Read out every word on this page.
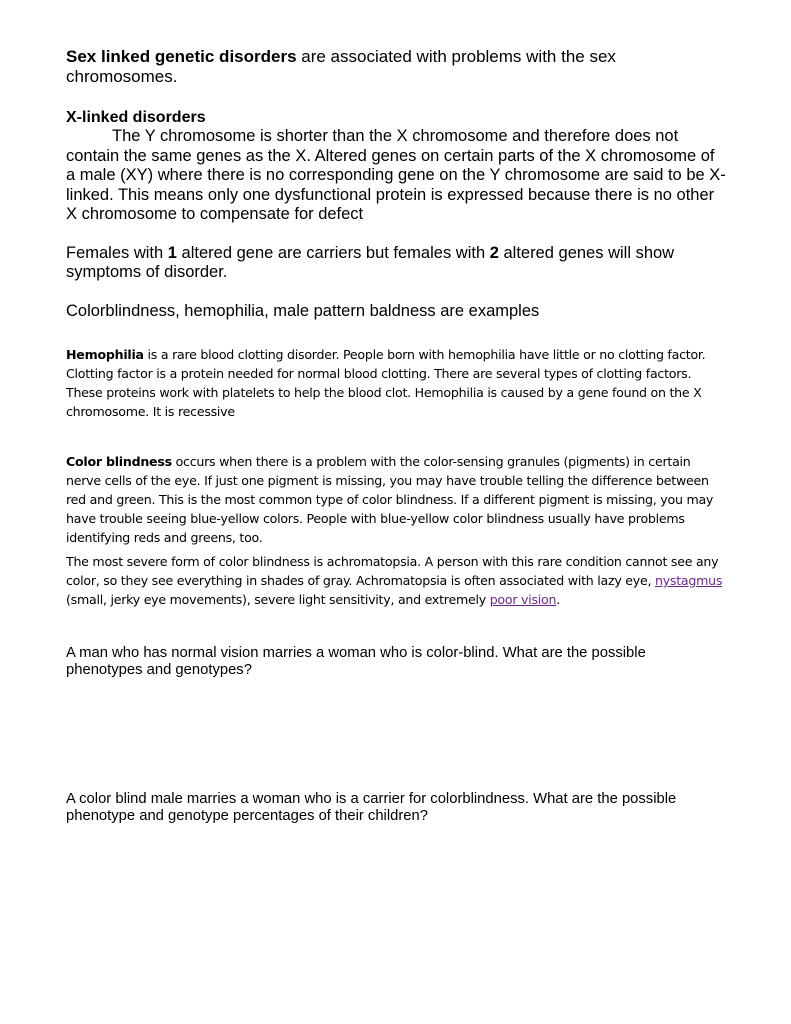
Sex linked genetic disorders are associated with problems with the sex chromosomes.

X-linked disorders

The Y chromosome is shorter than the X chromosome and therefore does not contain the same genes as the X. Altered genes on certain parts of the X chromosome of a male (XY) where there is no corresponding gene on the Y chromosome are said to be X-linked. This means only one dysfunctional protein is expressed because there is no other X chromosome to compensate for defect

Females with 1 altered gene are carriers but females with 2 altered genes will show symptoms of disorder.

Colorblindness, hemophilia, male pattern baldness are examples

Hemophilia is a rare blood clotting disorder. People born with hemophilia have little or no clotting factor. Clotting factor is a protein needed for normal blood clotting. There are several types of clotting factors. These proteins work with platelets to help the blood clot. Hemophilia is caused by a gene found on the X chromosome. It is recessive

Color blindness occurs when there is a problem with the color-sensing granules (pigments) in certain nerve cells of the eye. If just one pigment is missing, you may have trouble telling the difference between red and green. This is the most common type of color blindness. If a different pigment is missing, you may have trouble seeing blue-yellow colors. People with blue-yellow color blindness usually have problems identifying reds and greens, too.

The most severe form of color blindness is achromatopsia. A person with this rare condition cannot see any color, so they see everything in shades of gray. Achromatopsia is often associated with lazy eye, nystagmus (small, jerky eye movements), severe light sensitivity, and extremely poor vision.

A man who has normal vision marries a woman who is color-blind. What are the possible phenotypes and genotypes?

A color blind male marries a woman who is a carrier for colorblindness. What are the possible phenotype and genotype percentages of their children?
